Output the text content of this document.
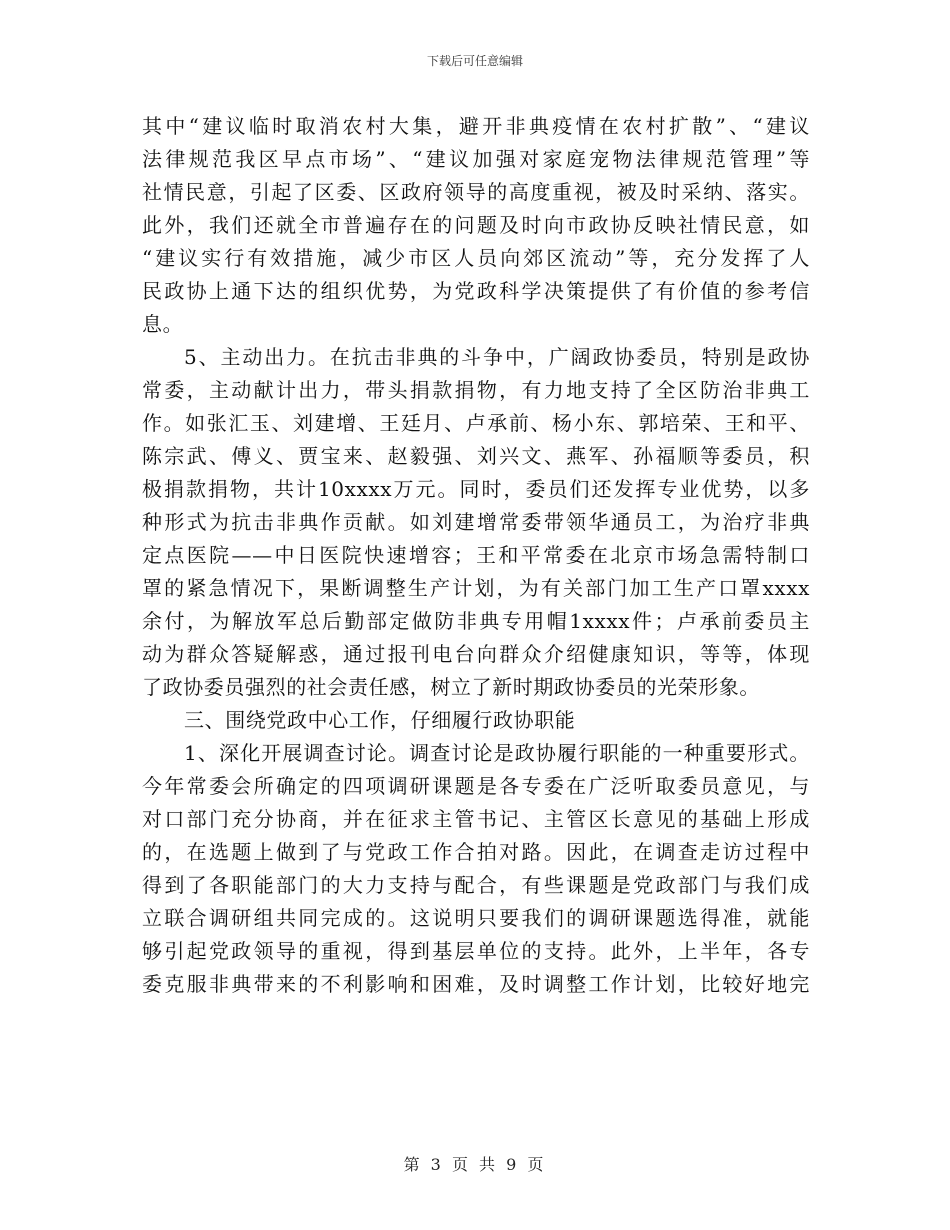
下载后可任意编辑
其中“建议临时取消农村大集，避开非典疫情在农村扩散”、“建议
法律规范我区早点市场”、“建议加强对家庭宠物法律规范管理”等
社情民意，引起了区委、区政府领导的高度重视，被及时采纳、落实。
此外，我们还就全市普遍存在的问题及时向市政协反映社情民意，如
“建议实行有效措施，减少市区人员向郊区流动”等，充分发挥了人
民政协上通下达的组织优势，为党政科学决策提供了有价值的参考信
息。
5、主动出力。在抗击非典的斗争中，广阔政协委员，特别是政协
常委，主动献计出力，带头捐款捐物，有力地支持了全区防治非典工
作。如张汇玉、刘建增、王廷月、卢承前、杨小东、郭培荣、王和平、
陈宗武、傅义、贾宝来、赵毅强、刘兴文、燕军、孙福顺等委员，积
极捐款捐物，共计10xxxx万元。同时，委员们还发挥专业优势，以多
种形式为抗击非典作贡献。如刘建增常委带领华通员工，为治疗非典
定点医院——中日医院快速增容；王和平常委在北京市场急需特制口
罩的紧急情况下，果断调整生产计划，为有关部门加工生产口罩xxxx
余付，为解放军总后勤部定做防非典专用帽1xxxx件；卢承前委员主
动为群众答疑解惑，通过报刊电台向群众介绍健康知识，等等，体现
了政协委员强烈的社会责任感，树立了新时期政协委员的光荣形象。
三、围绕党政中心工作，仔细履行政协职能
1、深化开展调查讨论。调查讨论是政协履行职能的一种重要形式。
今年常委会所确定的四项调研课题是各专委在广泛听取委员意见，与
对口部门充分协商，并在征求主管书记、主管区长意见的基础上形成
的，在选题上做到了与党政工作合拍对路。因此，在调查走访过程中
得到了各职能部门的大力支持与配合，有些课题是党政部门与我们成
立联合调研组共同完成的。这说明只要我们的调研课题选得准，就能
够引起党政领导的重视，得到基层单位的支持。此外，上半年，各专
委克服非典带来的不利影响和困难，及时调整工作计划，比较好地完
第 3 页 共 9 页
